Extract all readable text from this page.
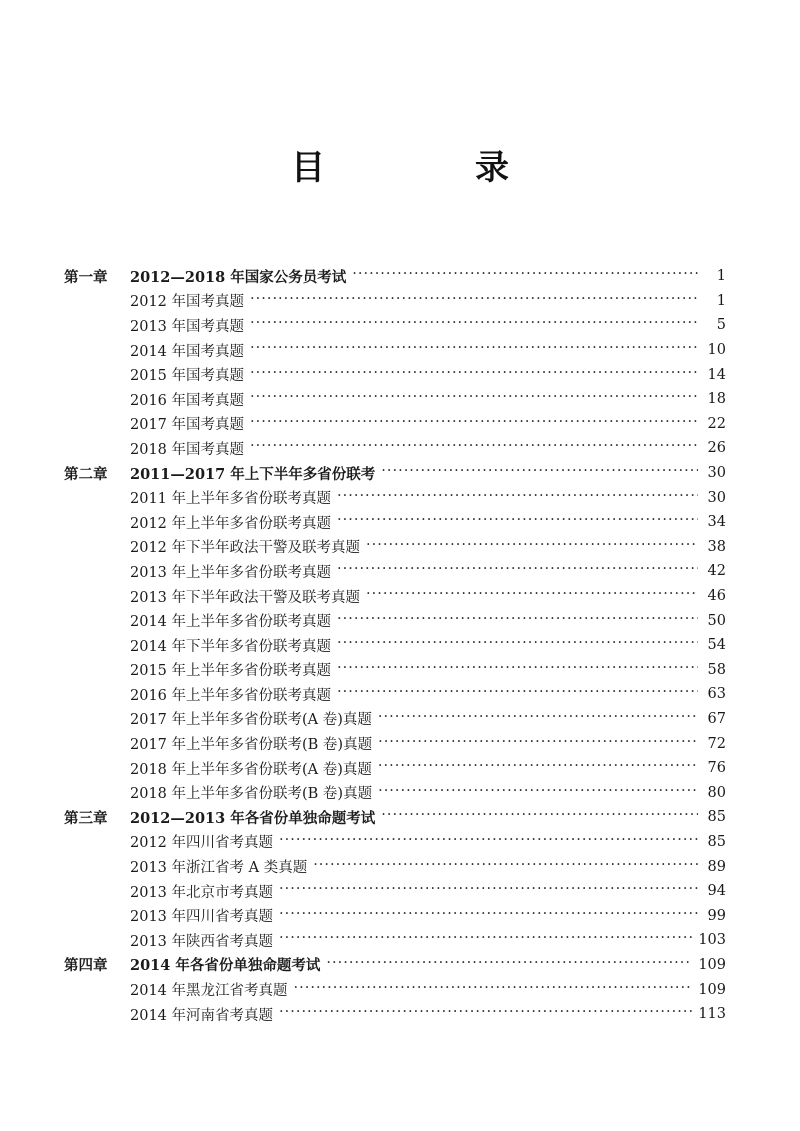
目　录
第一章	2012—2018 年国家公务员考试 ·····	1
2012 年国考真题 ·····	1
2013 年国考真题 ·····	5
2014 年国考真题 ·····	10
2015 年国考真题 ·····	14
2016 年国考真题 ·····	18
2017 年国考真题 ·····	22
2018 年国考真题 ·····	26
第二章	2011—2017 年上下半年多省份联考 ·····	30
2011 年上半年多省份联考真题 ·····	30
2012 年上半年多省份联考真题 ·····	34
2012 年下半年政法干警及联考真题 ·····	38
2013 年上半年多省份联考真题 ·····	42
2013 年下半年政法干警及联考真题 ·····	46
2014 年上半年多省份联考真题 ·····	50
2014 年下半年多省份联考真题 ·····	54
2015 年上半年多省份联考真题 ·····	58
2016 年上半年多省份联考真题 ·····	63
2017 年上半年多省份联考(A 卷)真题 ·····	67
2017 年上半年多省份联考(B 卷)真题 ·····	72
2018 年上半年多省份联考(A 卷)真题 ·····	76
2018 年上半年多省份联考(B 卷)真题 ·····	80
第三章	2012—2013 年各省份单独命题考试 ·····	85
2012 年四川省考真题 ·····	85
2013 年浙江省考 A 类真题 ·····	89
2013 年北京市考真题 ·····	94
2013 年四川省考真题 ·····	99
2013 年陕西省考真题 ·····	103
第四章	2014 年各省份单独命题考试 ·····	109
2014 年黑龙江省考真题 ·····	109
2014 年河南省考真题 ·····	113
